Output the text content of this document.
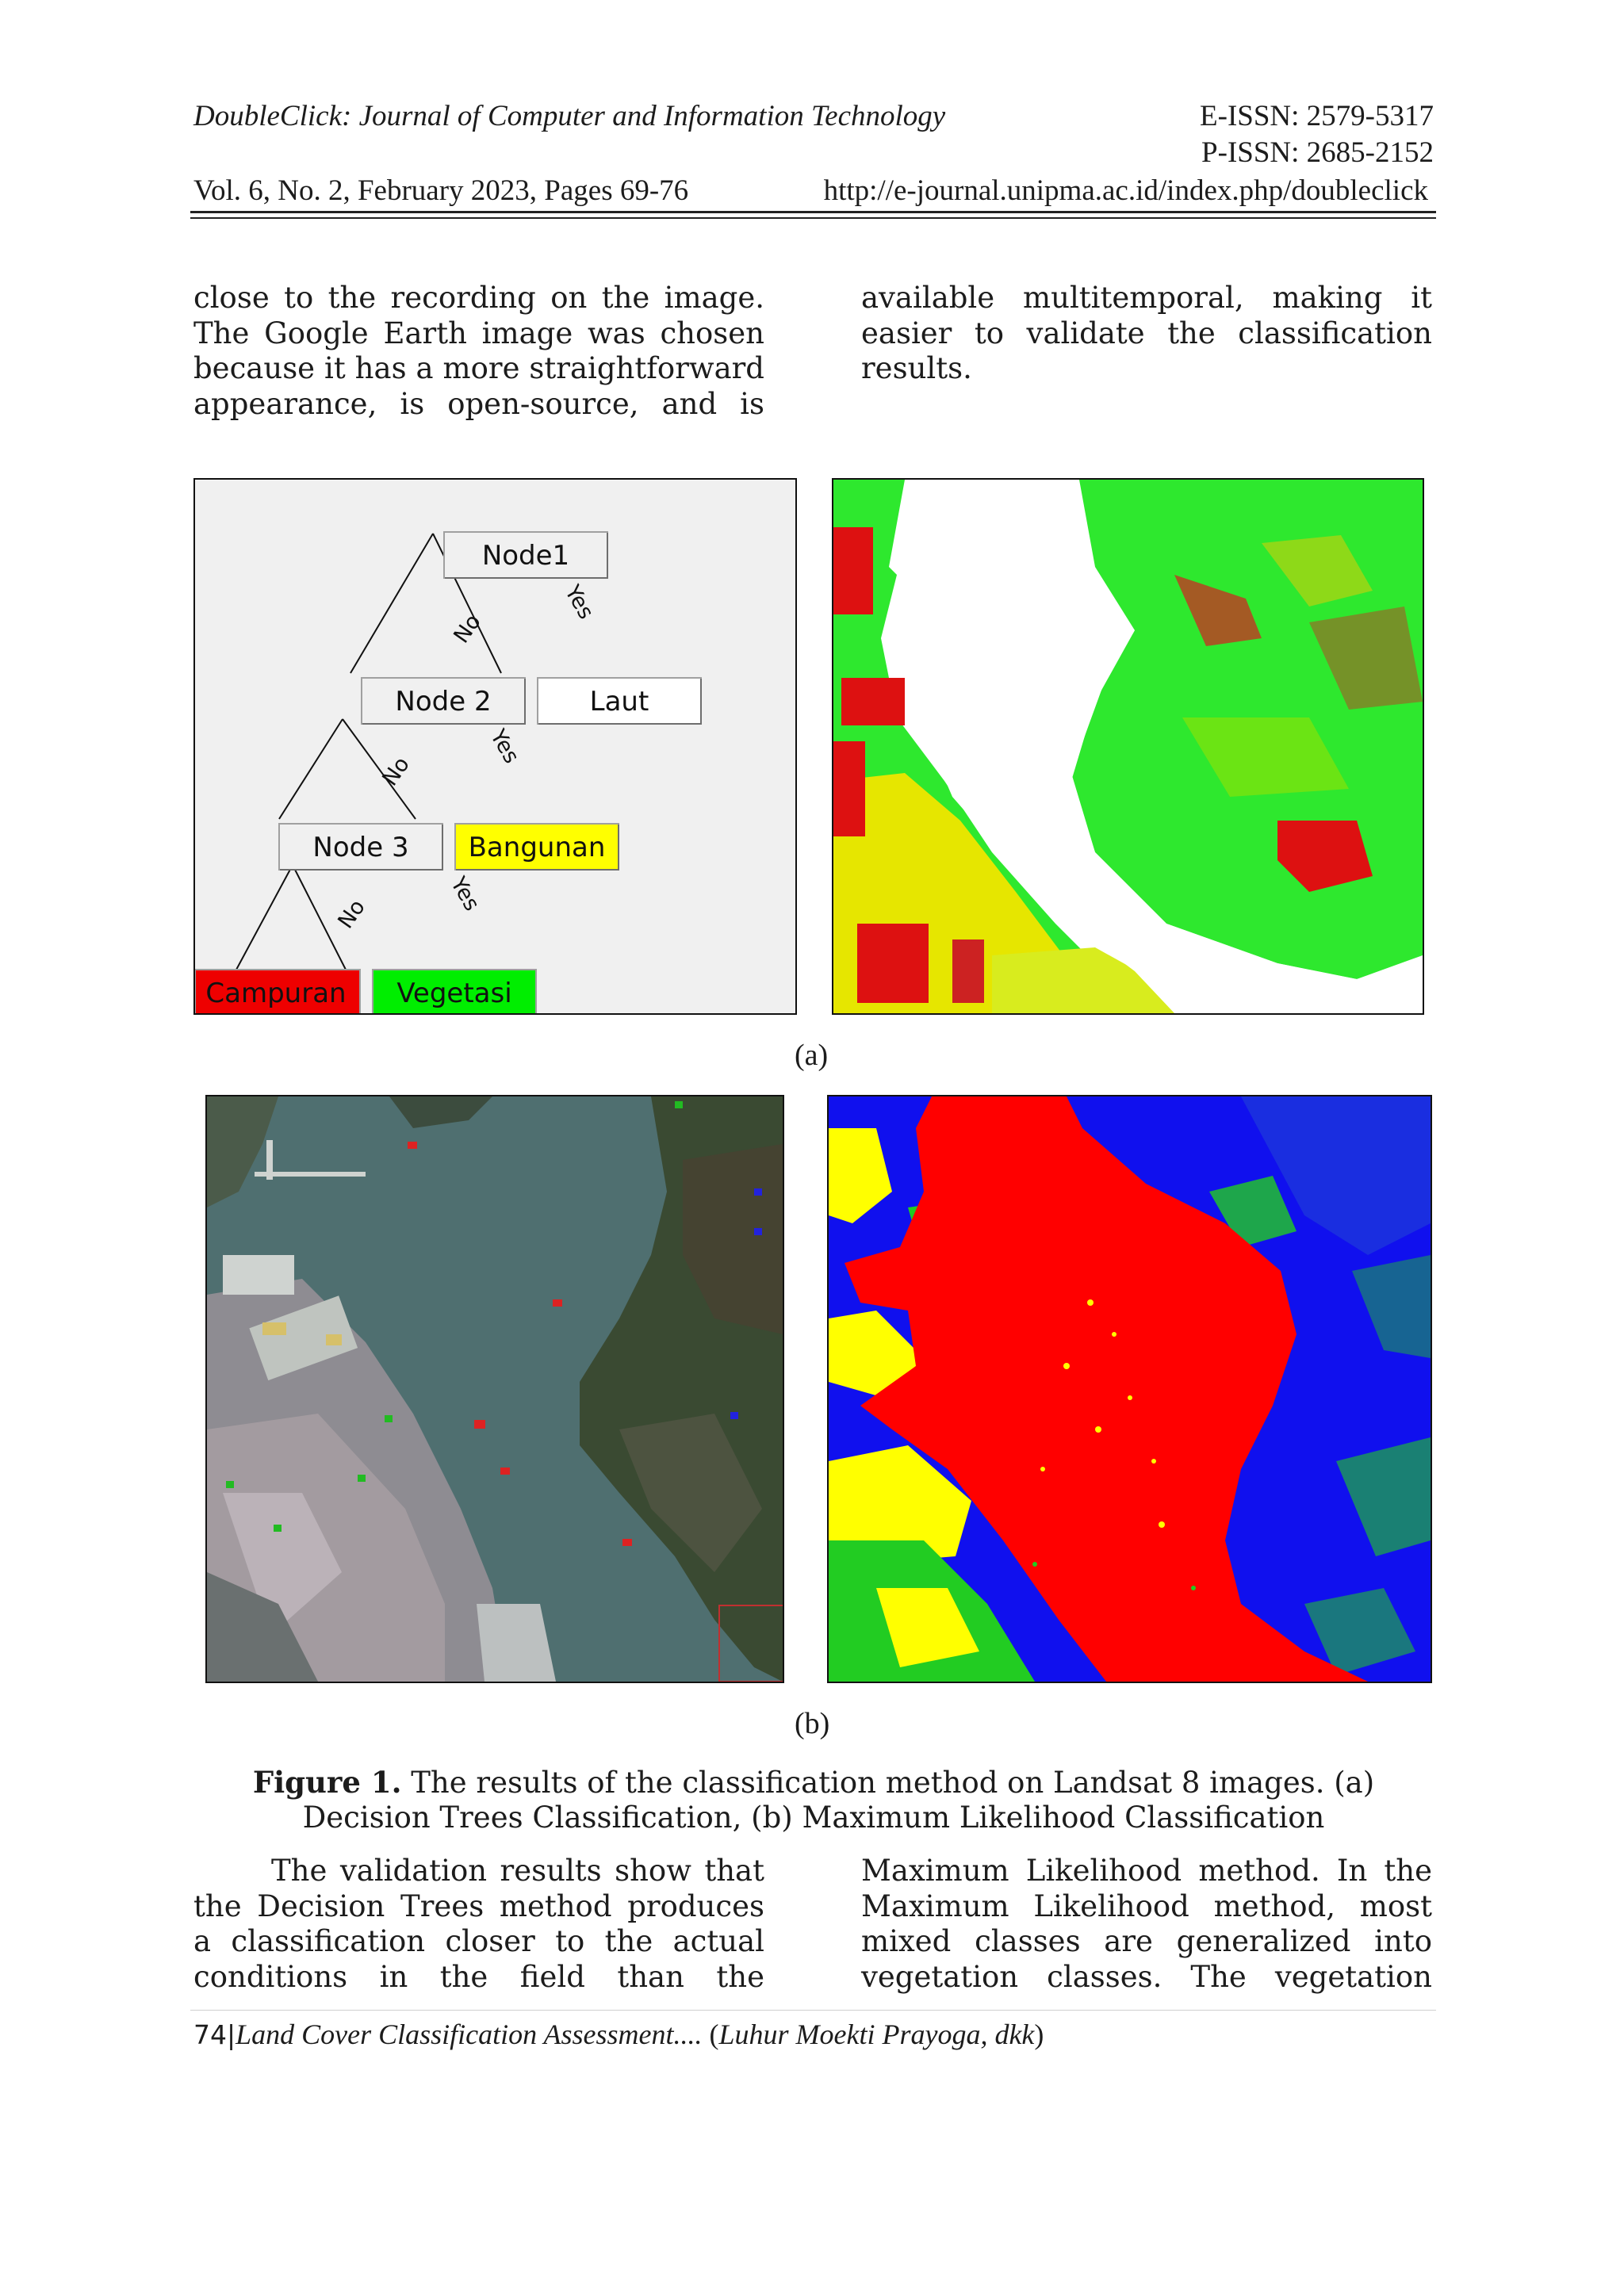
DoubleClick: Journal of Computer and Information Technology	E-ISSN: 2579-5317
P-ISSN: 2685-2152
Vol. 6, No. 2, February 2023, Pages 69-76	http://e-journal.unipma.ac.id/index.php/doubleclick
close to the recording on the image. The Google Earth image was chosen because it has a more straightforward appearance, is open-source, and is
available multitemporal, making it easier to validate the classification results.
No
Yes
No
Yes
No	Yes
Node1
Node 2	Laut
Node 3 Bangunan
Campuran Vegetasi
(a)
(b)
Figure 1. The results of the classification method on Landsat 8 images. (a) Decision Trees Classification, (b) Maximum Likelihood Classification
The validation results show that the Decision Trees method produces a classification closer to the actual conditions in the field than the
Maximum Likelihood method. In the Maximum Likelihood method, most mixed classes are generalized into vegetation classes. The vegetation
74|Land Cover Classification Assessment.... (Luhur Moekti Prayoga, dkk)
